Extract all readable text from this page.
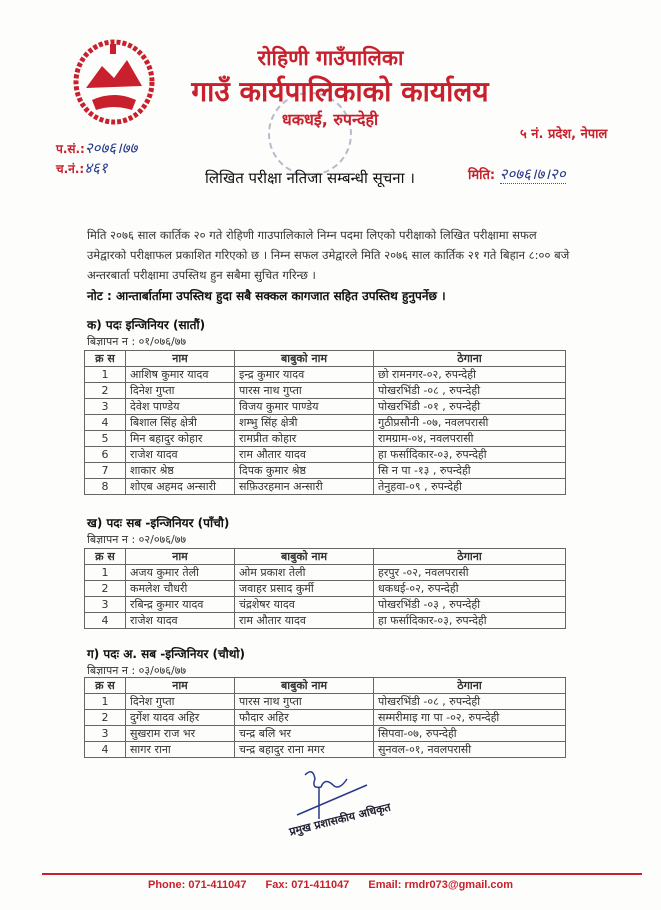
रोहिणी गाउँपालिका
गाउँ कार्यपालिकाको कार्यालय
धकधई, रुपन्देही
५ नं. प्रदेश, नेपाल
प.सं.:२०७६।७७
च.नं.:४६१	मिति: २०७६।७।२०
लिखित परीक्षा नतिजा सम्बन्धी सूचना ।
मिति २०७६ साल कार्तिक २० गते रोहिणी गाउपालिकाले निम्न पदमा लिएको परीक्षाको लिखित परीक्षामा सफल उमेद्वारको परीक्षाफल प्रकाशित गरिएको छ । निम्न सफल उमेद्वारले मिति २०७६ साल कार्तिक २१ गते बिहान ८:०० बजे अन्तरबार्ता परीक्षामा उपस्तिथ हुन सबैमा सुचित गरिन्छ ।
नोट : आन्तार्बार्तामा उपस्तिथ हुदा सबै सक्कल कागजात सहित उपस्तिथ हुनुपर्नेछ ।
क) पदः इन्जिनियर (सातौं)
बिज्ञापन न : ०१/०७६/७७
क्र स	नाम	बाबुको नाम	ठेगाना
1	आशिष कुमार यादव	इन्द्र कुमार यादव	छो रामनगर-०२, रुपन्देही
2	दिनेश गुप्ता	पारस नाथ गुप्ता	पोखरभिंडी -०८ , रुपन्देही
3	देवेश पाण्डेय	विजय कुमार पाण्डेय	पोखरभिंडी -०१ , रुपन्देही
4	बिशाल सिंह क्षेत्री	शम्भु सिंह क्षेत्री	गुठीप्रसौनी -०७, नवलपरासी
5	मिन बहादुर कोहार	रामप्रीत कोहार	रामग्राम-०४, नवलपरासी
6	राजेश यादव	राम औतार यादव	हा फर्सादिकार-०३, रुपन्देही
7	शाकार श्रेष्ठ	दिपक कुमार श्रेष्ठ	सि न पा -१३ , रुपन्देही
8	शोएब अहमद अन्सारी	सफ़िउरहमान अन्सारी	तेनुहवा-०९ , रुपन्देही
ख) पदः सब -इन्जिनियर (पाँचौ)
बिज्ञापन न : ०२/०७६/७७
क्र स	नाम	बाबुको नाम	ठेगाना
1	अजय कुमार तेली	ओम प्रकाश तेली	हरपुर -०२, नवलपरासी
2	कमलेश चौधरी	जवाहर प्रसाद कुर्मी	धकधई-०२, रुपन्देही
3	रबिन्द्र कुमार यादव	चंद्रशेषर यादव	पोखरभिंडी -०३ , रुपन्देही
4	राजेश यादव	राम औतार यादव	हा फर्सादिकार-०३, रुपन्देही
ग) पदः अ. सब -इन्जिनियर (चौथो)
बिज्ञापन न : ०३/०७६/७७
क्र स	नाम	बाबुको नाम	ठेगाना
1	दिनेश गुप्ता	पारस नाथ गुप्ता	पोखरभिंडी -०८ , रुपन्देही
2	दुर्गेश यादव अहिर	फौदार अहिर	सम्मरीमाइ गा पा -०२, रुपन्देही
3	सुखराम राज भर	चन्द्र बलि भर	सिपवा-०७, रुपन्देही
4	सागर राना	चन्द्र बहादुर राना मगर	सुनवल-०१, नवलपरासी
प्रमुख प्रशासकीय अधिकृत
Phone: 071-411047 Fax: 071-411047 Email: rmdr073@gmail.com
